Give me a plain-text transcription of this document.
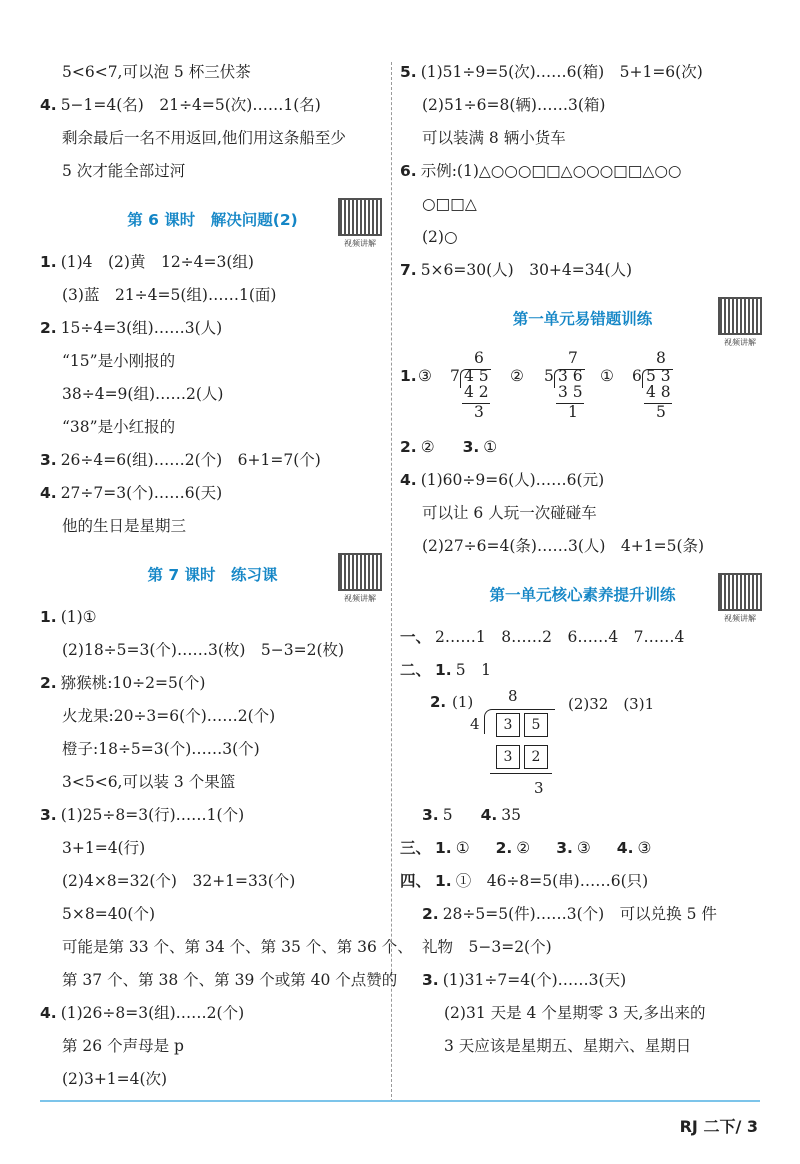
5<6<7,可以泡 5 杯三伏茶
4. 5−1=4(名)　21÷4=5(次)……1(名)
剩余最后一名不用返回,他们用这条船至少
5 次才能全部过河
第 6 课时　解决问题(2)
视频讲解
1. (1)4　(2)黄　12÷4=3(组)
(3)蓝　21÷4=5(组)……1(面)
2. 15÷4=3(组)……3(人)
“15”是小刚报的
38÷4=9(组)……2(人)
“38”是小红报的
3. 26÷4=6(组)……2(个)　6+1=7(个)
4. 27÷7=3(个)……6(天)
他的生日是星期三
第 7 课时　练习课
视频讲解
1. (1)①
(2)18÷5=3(个)……3(枚)　5−3=2(枚)
2. 猕猴桃:10÷2=5(个)
火龙果:20÷3=6(个)……2(个)
橙子:18÷5=3(个)……3(个)
3<5<6,可以装 3 个果篮
3. (1)25÷8=3(行)……1(个)
3+1=4(行)
(2)4×8=32(个)　32+1=33(个)
5×8=40(个)
可能是第 33 个、第 34 个、第 35 个、第 36 个、
第 37 个、第 38 个、第 39 个或第 40 个点赞的
4. (1)26÷8=3(组)……2(个)
第 26 个声母是 p
(2)3+1=4(次)
5. (1)51÷9=5(次)……6(箱)　5+1=6(次)
(2)51÷6=8(辆)……3(箱)
可以装满 8 辆小货车
6. 示例:(1)△○○○□□△○○○□□△○○
○□□△
(2)○
7. 5×6=30(人)　30+4=34(人)
第一单元易错题训练
视频讲解
1. ③
6
7 4 5
4 2
3
②
7
5 3 6
3 5
1
①
8
6 5 3
4 8
5
2. ② 3. ①
4. (1)60÷9=6(人)……6(元)
可以让 6 人玩一次碰碰车
(2)27÷6=4(条)……3(人)　4+1=5(条)
第一单元核心素养提升训练
视频讲解
一、 2……1　8……2　6……4　7……4
二、 1. 5　1
2. (1) 8
4	3	5
3	2
3
(2)32　(3)1
3. 5 4. 35
三、 1. ① 2. ② 3. ③ 4. ③
四、 1. ①　46÷8=5(串)……6(只)
2. 28÷5=5(件)……3(个)　可以兑换 5 件
礼物　5−3=2(个)
3. (1)31÷7=4(个)……3(天)
(2)31 天是 4 个星期零 3 天,多出来的
3 天应该是星期五、星期六、星期日
RJ 二下/ 3
